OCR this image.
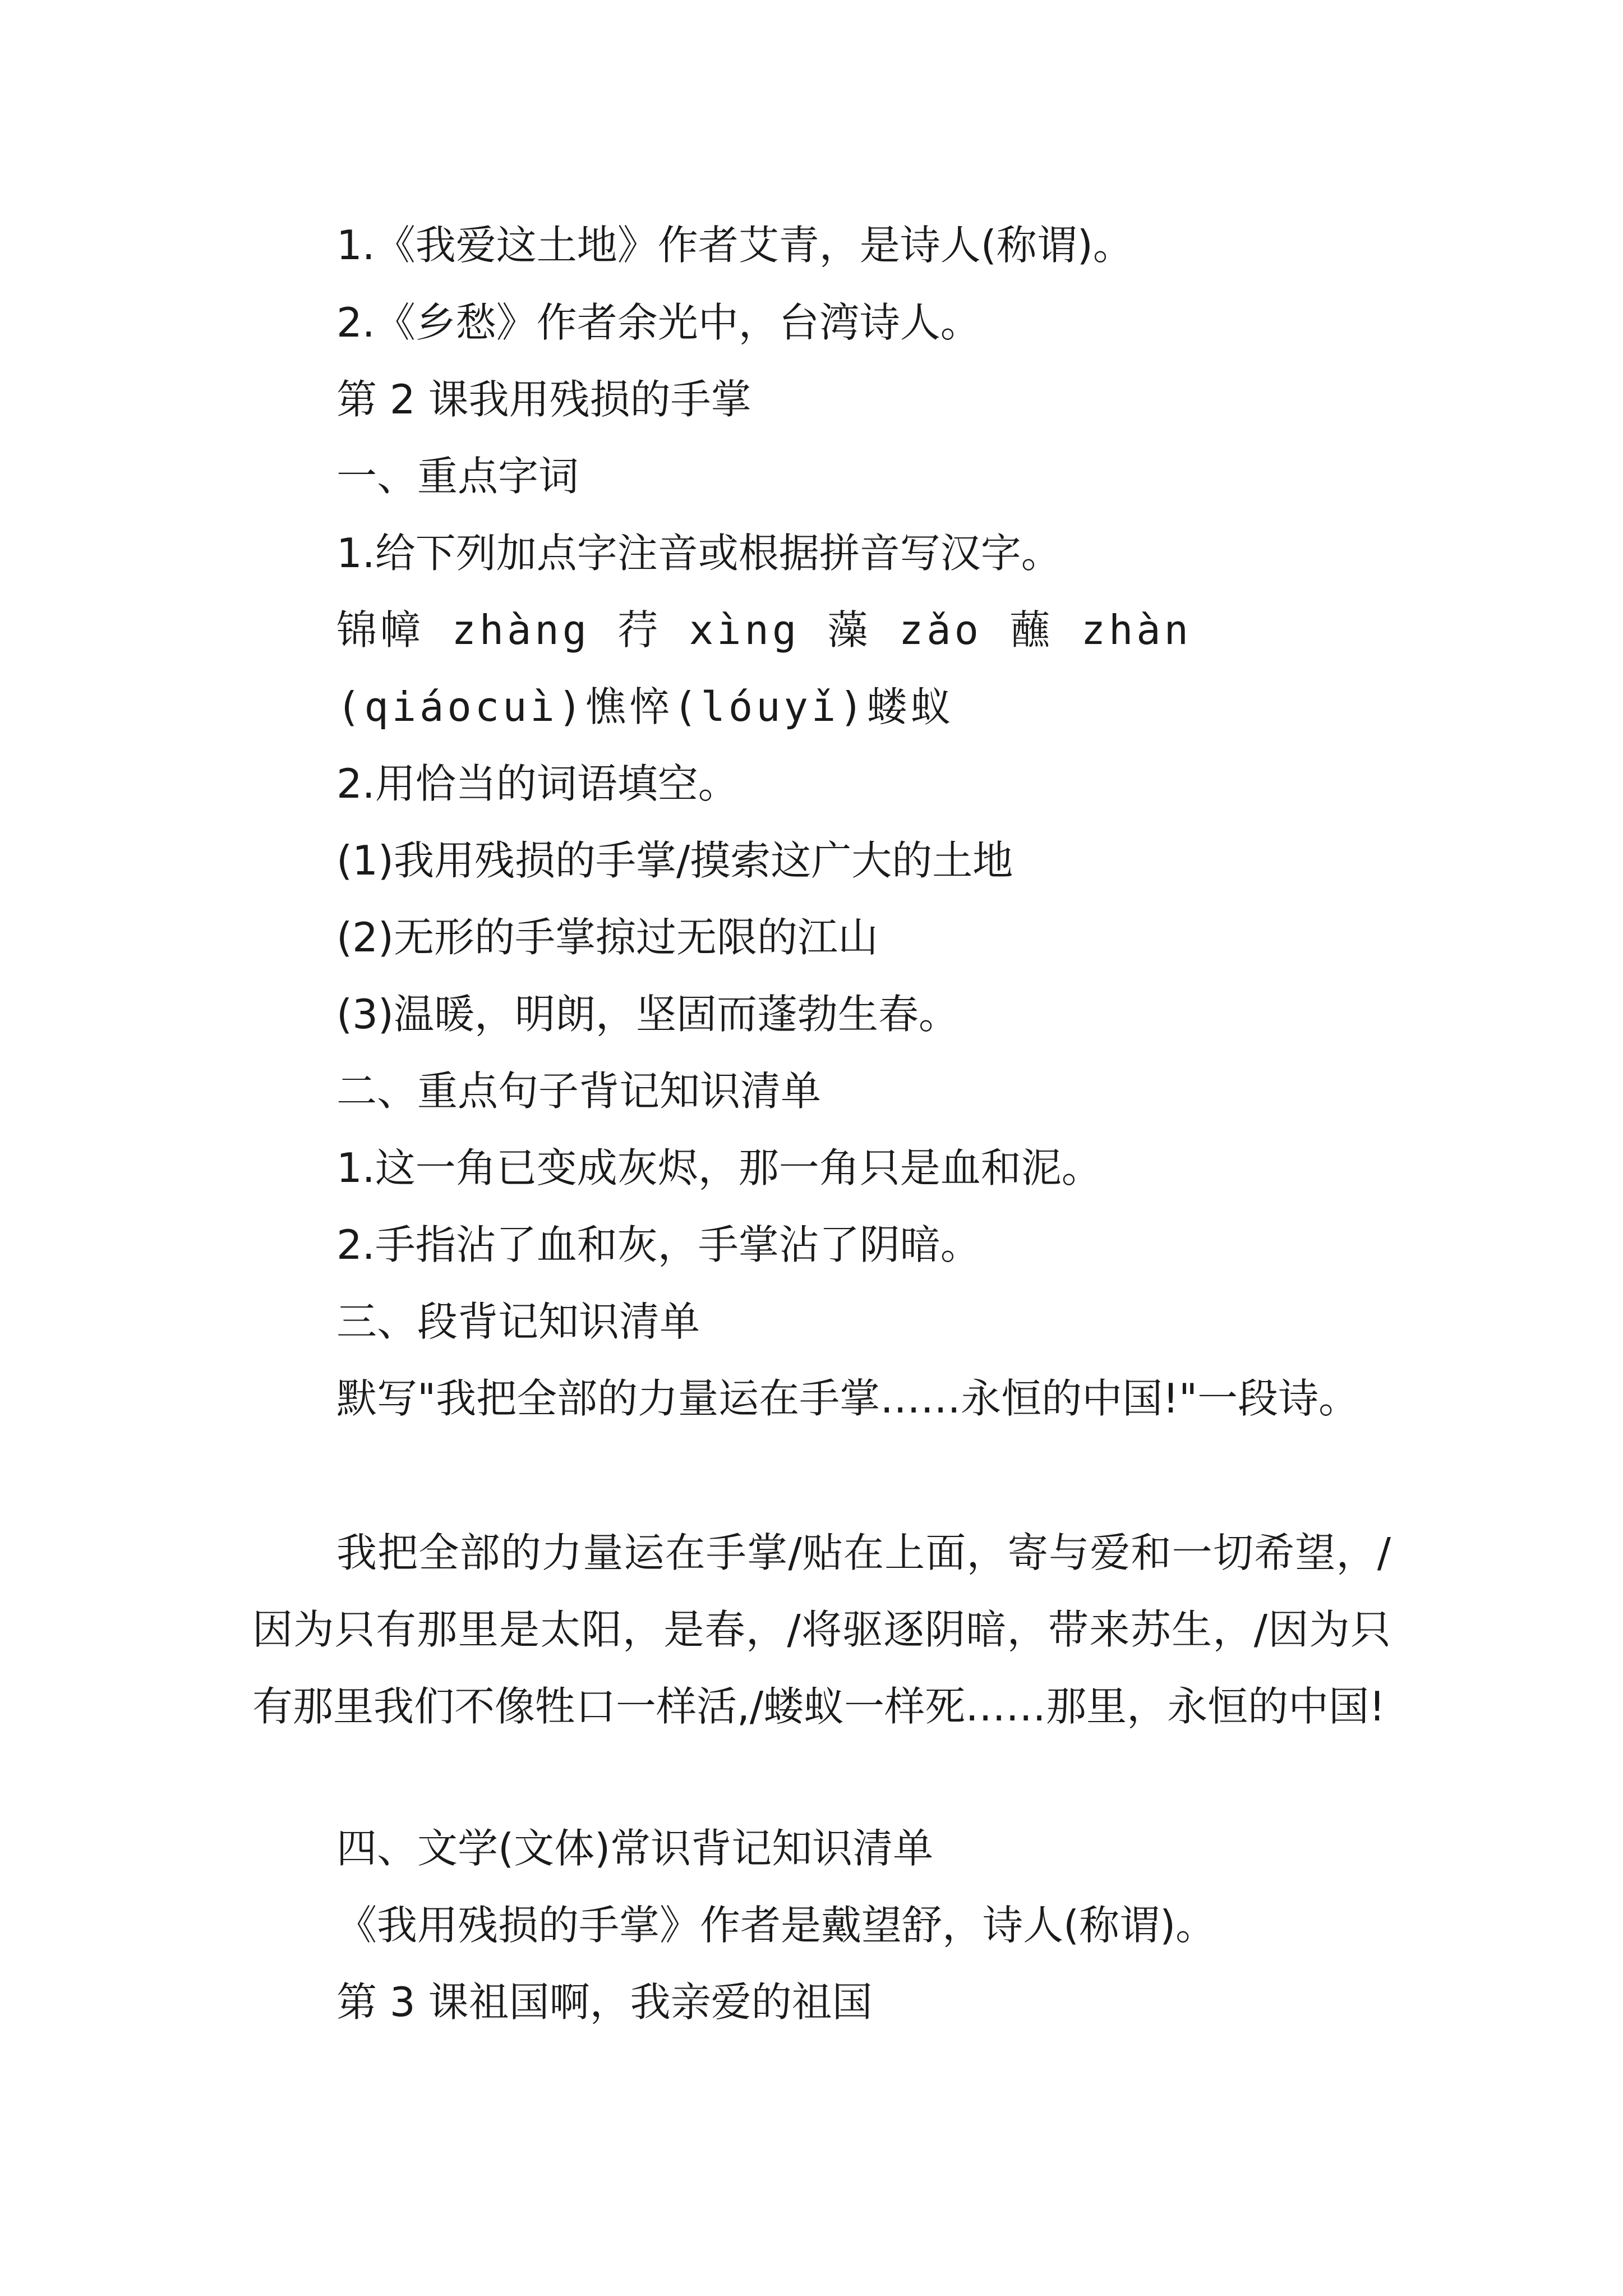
1.《我爱这土地》作者艾青，是诗人(称谓)。

2.《乡愁》作者余光中，台湾诗人。

第 2 课我用残损的手掌

一、重点字词

1.给下列加点字注音或根据拼音写汉字。

锦幛 zhàng 荇 xìng 藻 zǎo 蘸 zhàn

(qiáocuì)憔悴(lóuyǐ)蝼蚁

2.用恰当的词语填空。

(1)我用残损的手掌/摸索这广大的土地

(2)无形的手掌掠过无限的江山

(3)温暖，明朗，坚固而蓬勃生春。

二、重点句子背记知识清单

1.这一角已变成灰烬，那一角只是血和泥。

2.手指沾了血和灰，手掌沾了阴暗。

三、段背记知识清单

默写"我把全部的力量运在手掌……永恒的中国!"一段诗。

我把全部的力量运在手掌/贴在上面，寄与爱和一切希望，/因为只有那里是太阳，是春，/将驱逐阴暗，带来苏生，/因为只有那里我们不像牲口一样活,/蝼蚁一样死……那里，永恒的中国!

四、文学(文体)常识背记知识清单

《我用残损的手掌》作者是戴望舒，诗人(称谓)。

第 3 课祖国啊，我亲爱的祖国
